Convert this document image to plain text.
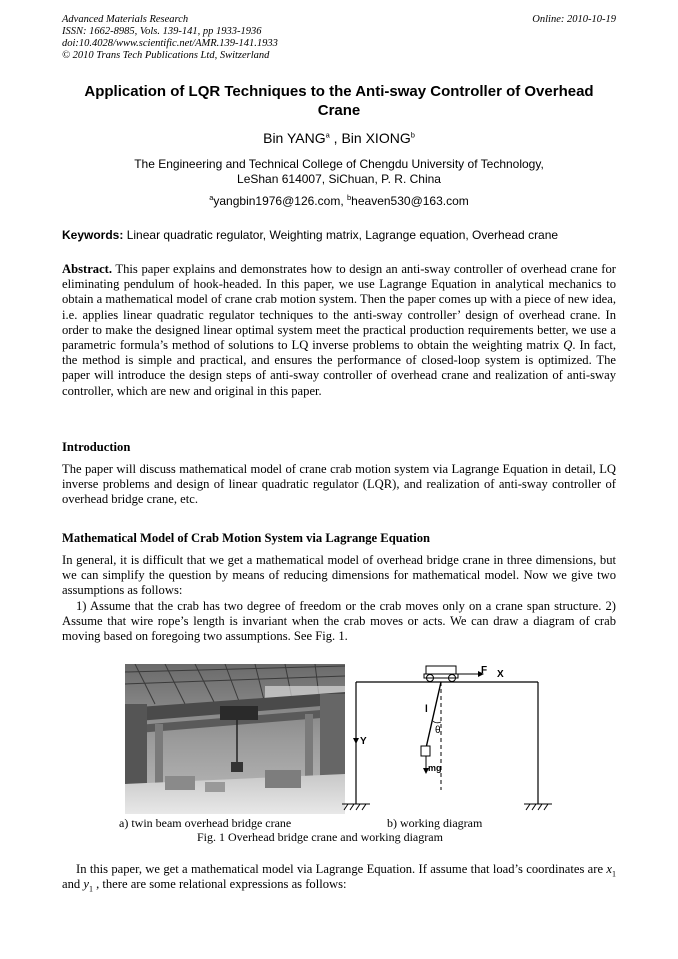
Advanced Materials Research
ISSN: 1662-8985, Vols. 139-141, pp 1933-1936
doi:10.4028/www.scientific.net/AMR.139-141.1933
© 2010 Trans Tech Publications Ltd, Switzerland
Online: 2010-10-19
Application of LQR Techniques to the Anti-sway Controller of Overhead Crane
Bin YANG$^a$ , Bin XIONG$^b$
The Engineering and Technical College of Chengdu University of Technology,
LeShan 614007, SiChuan, P. R. China
$^a$yangbin1976@126.com, $^b$heaven530@163.com
Keywords: Linear quadratic regulator, Weighting matrix, Lagrange equation, Overhead crane
Abstract. This paper explains and demonstrates how to design an anti-sway controller of overhead crane for eliminating pendulum of hook-headed. In this paper, we use Lagrange Equation in analytical mechanics to obtain a mathematical model of crane crab motion system. Then the paper comes up with a piece of new idea, i.e. applies linear quadratic regulator techniques to the anti-sway controller’ design of overhead crane. In order to make the designed linear optimal system meet the practical production requirements better, we use a parametric formula’s method of solutions to LQ inverse problems to obtain the weighting matrix Q. In fact, the method is simple and practical, and ensures the performance of closed-loop system is optimized. The paper will introduce the design steps of anti-sway controller of overhead crane and realization of anti-sway controller, which are new and original in this paper.
Introduction
The paper will discuss mathematical model of crane crab motion system via Lagrange Equation in detail, LQ inverse problems and design of linear quadratic regulator (LQR), and realization of anti-sway controller of overhead bridge crane, etc.
Mathematical Model of Crab Motion System via Lagrange Equation
In general, it is difficult that we get a mathematical model of overhead bridge crane in three dimensions, but we can simplify the question by means of reducing dimensions for mathematical model. Now we give two assumptions as follows:
1) Assume that the crab has two degree of freedom or the crab moves only on a crane span structure. 2) Assume that wire rope’s length is invariant when the crab moves or acts. We can draw a diagram of crab moving based on foregoing two assumptions. See Fig. 1.
F X
Y
l
θ
mg
a) twin beam overhead bridge crane	b) working diagram
Fig. 1 Overhead bridge crane and working diagram
In this paper, we get a mathematical model via Lagrange Equation. If assume that load’s coordinates are $x_1$ and $y_1$ , there are some relational expressions as follows:
